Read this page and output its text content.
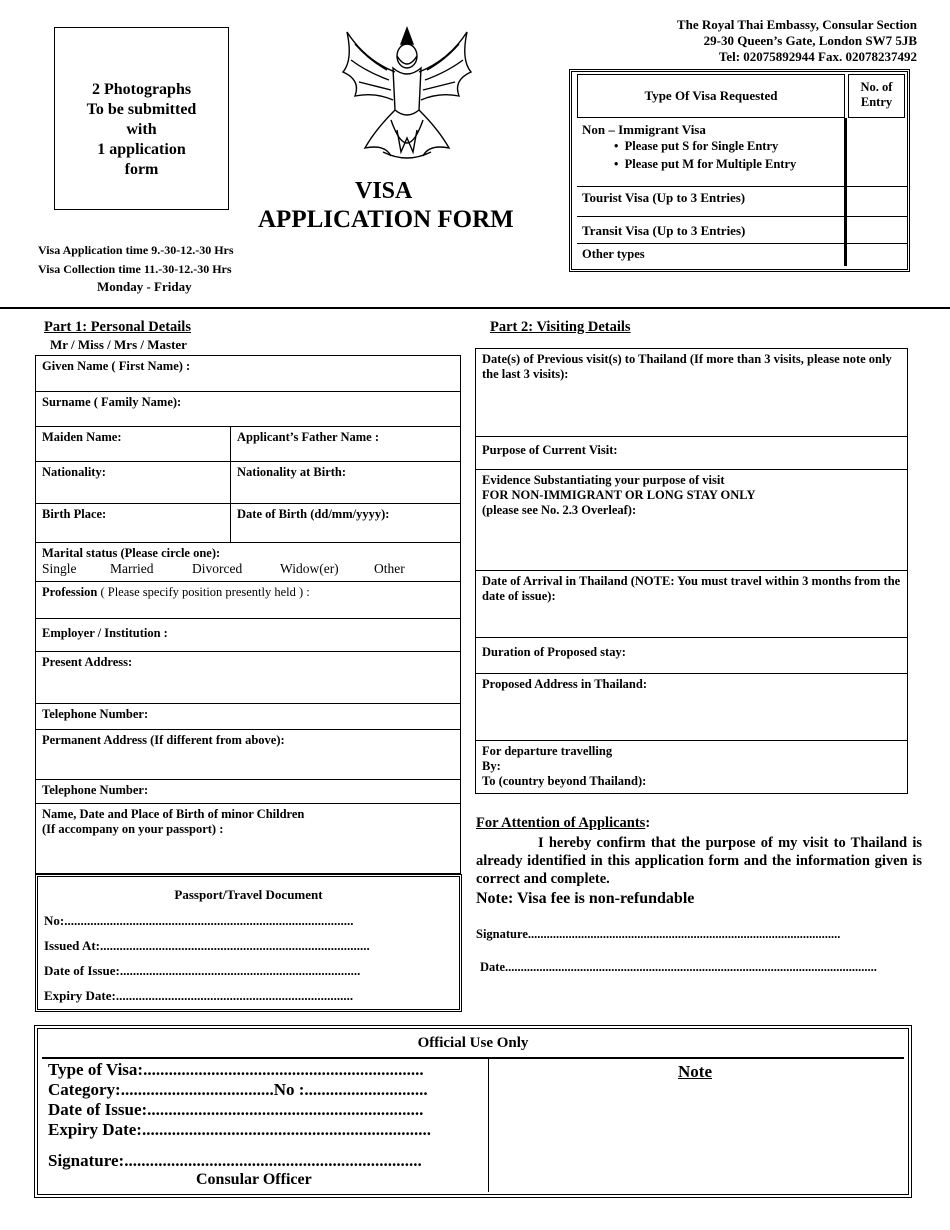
2 Photographs
To be submitted
with
1 application
form
VISA
APPLICATION FORM
Visa Application time 9.‐30-12.‐30 Hrs
Visa Collection time 11.‐30-12.‐30 Hrs
Monday - Friday
The Royal Thai Embassy, Consular Section
29-30 Queen’s Gate, London SW7 5JB
Tel: 02075892944 Fax. 02078237492
Type Of Visa Requested
No. of Entry
Non – Immigrant Visa
•  Please put S for Single Entry
•  Please put M for Multiple Entry
Tourist Visa (Up to 3 Entries)
Transit Visa (Up to 3 Entries)
Other types
Part 1: Personal Details
Mr / Miss / Mrs / Master
Given Name ( First Name) :
Surname ( Family Name):
Maiden Name:	Applicant’s Father Name :
Nationality:	Nationality at Birth:
Birth Place:	Date of Birth (dd/mm/yyyy):
Marital status (Please circle one):
Single	Married	Divorced	Widow(er)	Other
Profession ( Please specify position presently held ) :
Employer / Institution :
Present Address:
Telephone Number:
Permanent Address (If different from above):
Telephone Number:
Name, Date and Place of Birth of minor Children
(If accompany on your passport) :
Passport/Travel Document
No:.........................................................................................
Issued At:...................................................................................
Date of Issue:..........................................................................
Expiry Date:.........................................................................
Part 2: Visiting Details
Date(s) of Previous visit(s) to Thailand (If more than 3 visits, please note only the last 3 visits):
Purpose of Current Visit:
Evidence Substantiating your purpose of visit
FOR NON-IMMIGRANT OR LONG STAY ONLY
(please see No. 2.3 Overleaf):
Date of Arrival in Thailand (NOTE: You must travel within 3 months from the date of issue):
Duration of Proposed stay:
Proposed Address in Thailand:
For departure travelling
By:
To (country beyond Thailand):
For Attention of Applicants:
I hereby confirm that the purpose of my visit to Thailand is already identified in this application form and the information given is correct and complete.
Note: Visa fee is non-refundable
Signature....................................................................................................
Date.......................................................................................................................
Official Use Only
Type of Visa:..................................................................
Category:....................................No :.............................
Date of Issue:.................................................................
Expiry Date:....................................................................
Signature:......................................................................
Consular Officer
Note
